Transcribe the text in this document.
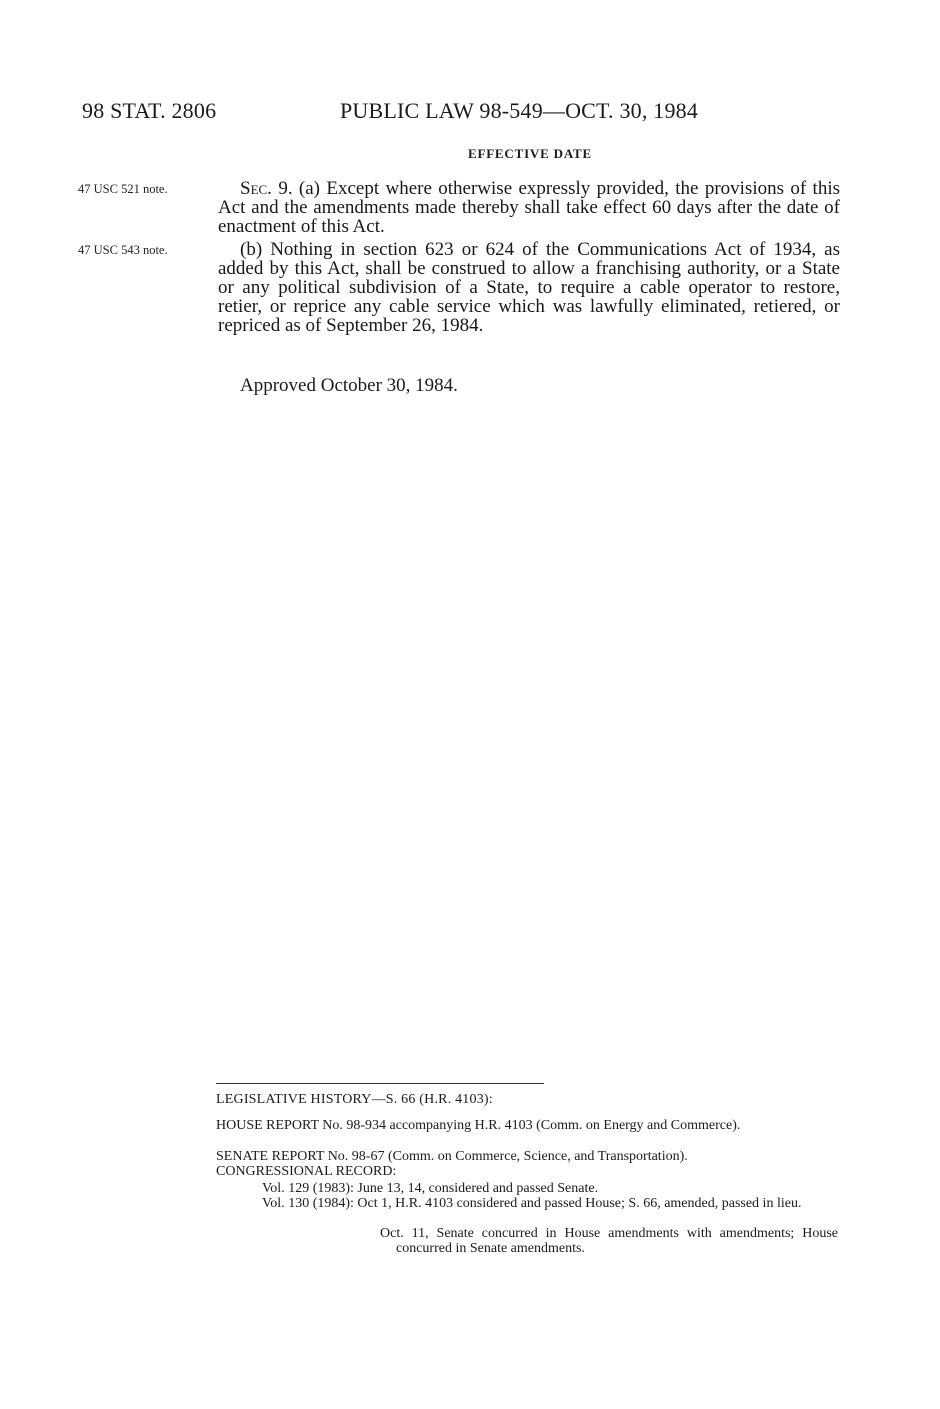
98 STAT. 2806	PUBLIC LAW 98-549—OCT. 30, 1984
EFFECTIVE DATE
47 USC 521 note.
47 USC 543 note.
Sec. 9. (a) Except where otherwise expressly provided, the provisions of this Act and the amendments made thereby shall take effect 60 days after the date of enactment of this Act.
(b) Nothing in section 623 or 624 of the Communications Act of 1934, as added by this Act, shall be construed to allow a franchising authority, or a State or any political subdivision of a State, to require a cable operator to restore, retier, or reprice any cable service which was lawfully eliminated, retiered, or repriced as of September 26, 1984.
Approved October 30, 1984.
LEGISLATIVE HISTORY—S. 66 (H.R. 4103):
HOUSE REPORT No. 98-934 accompanying H.R. 4103 (Comm. on Energy and Commerce).
SENATE REPORT No. 98-67 (Comm. on Commerce, Science, and Transportation).
CONGRESSIONAL RECORD:
Vol. 129 (1983): June 13, 14, considered and passed Senate.
Vol. 130 (1984): Oct 1, H.R. 4103 considered and passed House; S. 66, amended, passed in lieu.
Oct. 11, Senate concurred in House amendments with amendments; House concurred in Senate amendments.
